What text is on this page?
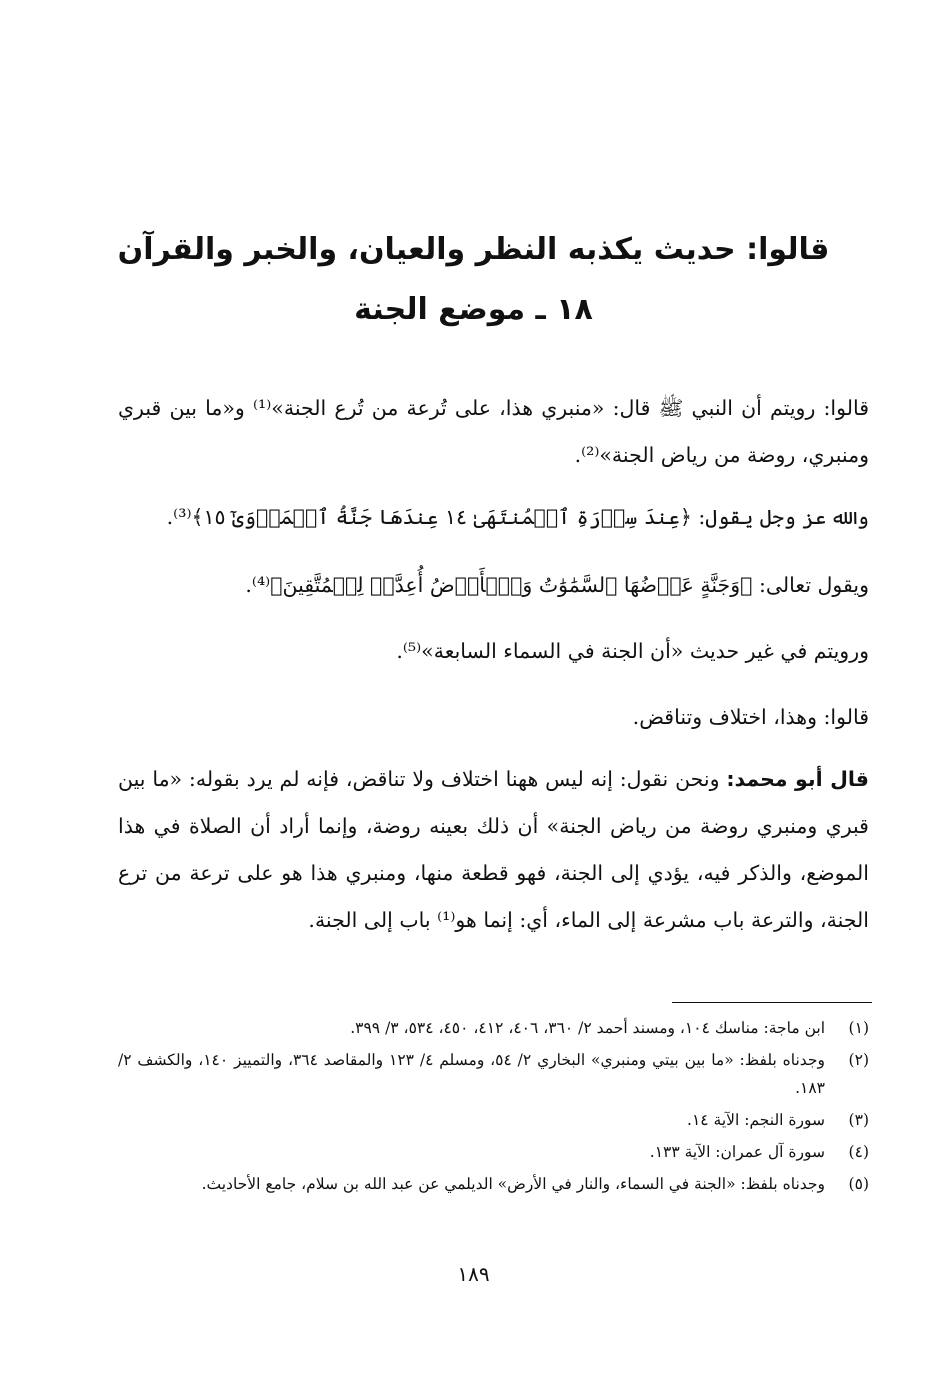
قالوا: حديث يكذبه النظر والعيان، والخبر والقرآن
١٨ ـ موضع الجنة
قالوا: رويتم أن النبي ﷺ قال: «منبري هذا، على تُرعة من تُرع الجنة»⁽¹⁾ و«ما بين قبري ومنبري، روضة من رياض الجنة»⁽²⁾.
والله عز وجل يقول: ﴿عِندَ سِدۡرَةِ ٱلۡمُنتَهَىٰ ١٤ عِندَهَا جَنَّةُ ٱلۡمَأۡوَىٰٓ ١٥﴾⁽³⁾.
ويقول تعالى: ﴿وَجَنَّةٍ عَرۡضُهَا ٱلسَّمَٰوَٰتُ وَٱلۡأَرۡضُ أُعِدَّتۡ لِلۡمُتَّقِينَ﴾⁽⁴⁾.
ورويتم في غير حديث «أن الجنة في السماء السابعة»⁽⁵⁾.
قالوا: وهذا، اختلاف وتناقض.
قال أبو محمد: ونحن نقول: إنه ليس ههنا اختلاف ولا تناقض، فإنه لم يرد بقوله: «ما بين قبري ومنبري روضة من رياض الجنة» أن ذلك بعينه روضة، وإنما أراد أن الصلاة في هذا الموضع، والذكر فيه، يؤدي إلى الجنة، فهو قطعة منها، ومنبري هذا هو على ترعة من ترع الجنة، والترعة باب مشرعة إلى الماء، أي: إنما هو⁽¹⁾ باب إلى الجنة.
(١)
ابن ماجة: مناسك ١٠٤، ومسند أحمد ٢/ ٣٦٠، ٤٠٦، ٤١٢، ٤٥٠، ٥٣٤، ٣/ ٣٩٩.
(٢)
وجدناه بلفظ: «ما بين بيتي ومنبري» البخاري ٢/ ٥٤، ومسلم ٤/ ١٢٣ والمقاصد ٣٦٤، والتمييز ١٤٠، والكشف ٢/ ١٨٣.
(٣)
سورة النجم: الآية ١٤.
(٤)
سورة آل عمران: الآية ١٣٣.
(٥)
وجدناه بلفظ: «الجنة في السماء، والنار في الأرض» الديلمي عن عبد الله بن سلام، جامع الأحاديث.
١٨٩
